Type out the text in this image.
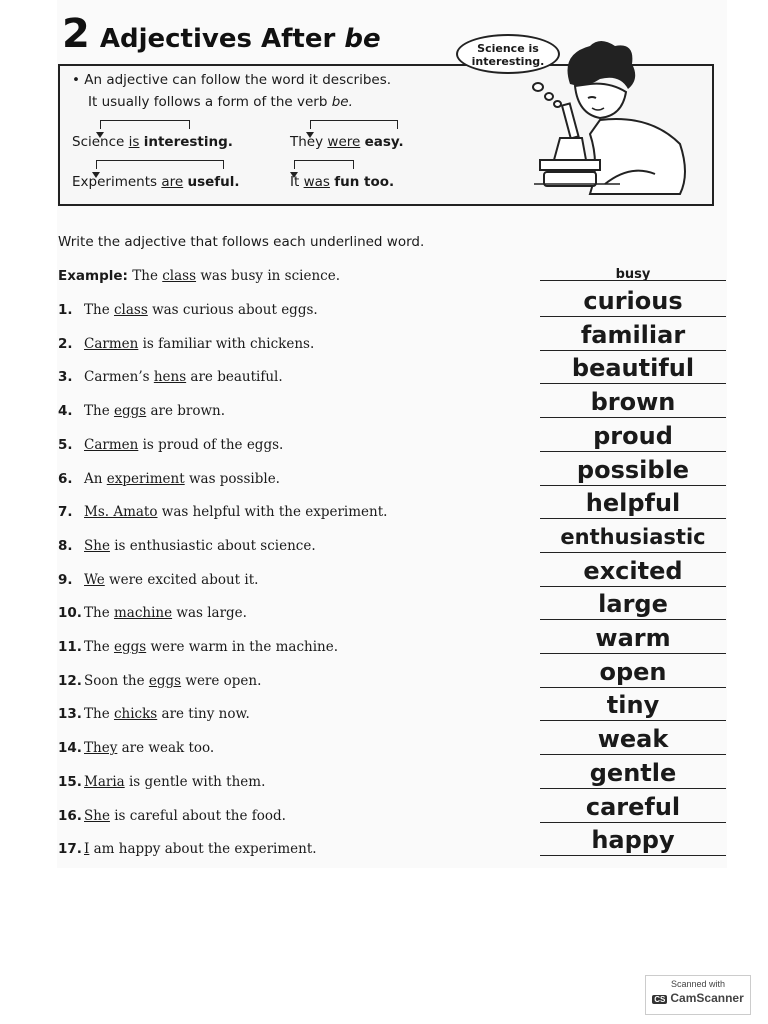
2 Adjectives After be
• An adjective can follow the word it describes.
It usually follows a form of the verb be.
Science is interesting.	They were easy.
Experiments are useful.	It was fun too.
Science is interesting.
Write the adjective that follows each underlined word.
Example: The class was busy in science.	busy
1. The class was curious about eggs.	curious
2. Carmen is familiar with chickens.	familiar
3. Carmen’s hens are beautiful.	beautiful
4. The eggs are brown.	brown
5. Carmen is proud of the eggs.	proud
6. An experiment was possible.	possible
7. Ms. Amato was helpful with the experiment.	helpful
8. She is enthusiastic about science.	enthusiastic
9. We were excited about it.	excited
10. The machine was large.	large
11. The eggs were warm in the machine.	warm
12. Soon the eggs were open.	open
13. The chicks are tiny now.	tiny
14. They are weak too.	weak
15. Maria is gentle with them.	gentle
16. She is careful about the food.	careful
17. I am happy about the experiment.	happy
Scanned with
CS CamScanner
